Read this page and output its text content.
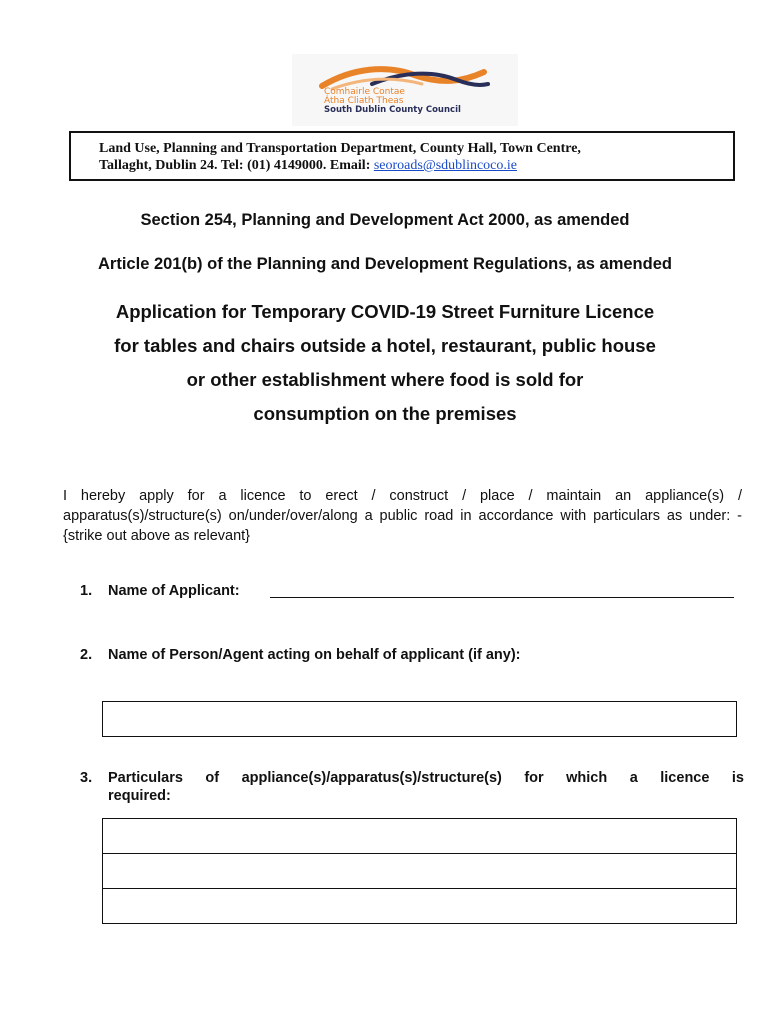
Comhairle Contae
Átha Cliath Theas
South Dublin County Council
Land Use, Planning and Transportation Department, County Hall, Town Centre,
Tallaght, Dublin 24. Tel: (01) 4149000. Email: seoroads@sdublincoco.ie
Section 254, Planning and Development Act 2000, as amended
Article 201(b) of the Planning and Development Regulations, as amended
Application for Temporary COVID-19 Street Furniture Licence
for tables and chairs outside a hotel, restaurant, public house
or other establishment where food is sold for
consumption on the premises
I hereby apply for a licence to erect / construct / place / maintain an appliance(s) / apparatus(s)/structure(s) on/under/over/along a public road in accordance with particulars as under: - {strike out above as relevant}
1. Name of Applicant:
2. Name of Person/Agent acting on behalf of applicant (if any):
3. Particulars of appliance(s)/apparatus(s)/structure(s) for which a licence is
required:
